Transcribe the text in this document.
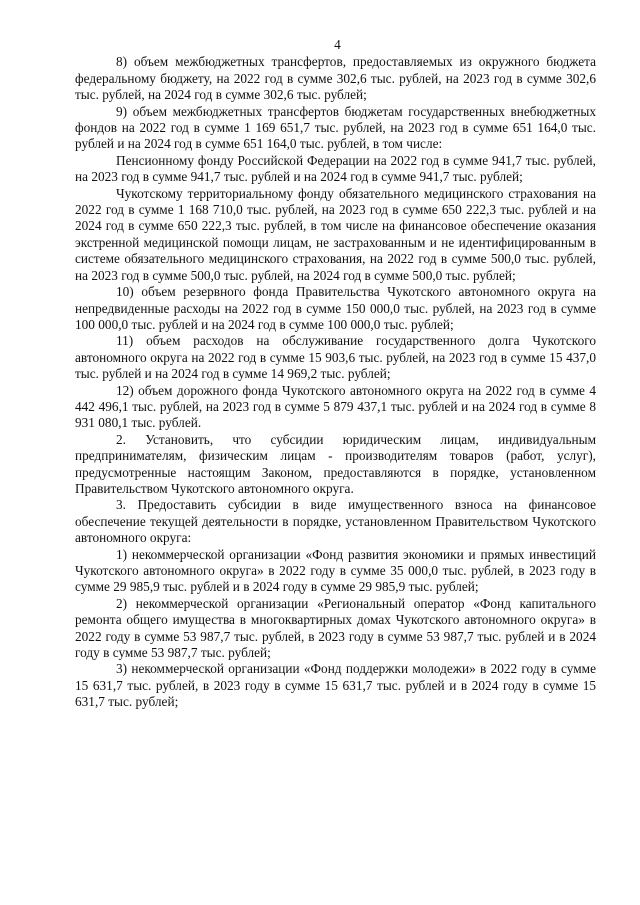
4

8) объем межбюджетных трансфертов, предоставляемых из окружного бюджета федеральному бюджету, на 2022 год в сумме 302,6 тыс. рублей, на 2023 год в сумме 302,6 тыс. рублей, на 2024 год в сумме 302,6 тыс. рублей;

9) объем межбюджетных трансфертов бюджетам государственных внебюджетных фондов на 2022 год в сумме 1 169 651,7 тыс. рублей, на 2023 год в сумме 651 164,0 тыс. рублей и на 2024 год в сумме 651 164,0 тыс. рублей, в том числе:

Пенсионному фонду Российской Федерации на 2022 год в сумме 941,7 тыс. рублей, на 2023 год в сумме 941,7 тыс. рублей и на 2024 год в сумме 941,7 тыс. рублей;

Чукотскому территориальному фонду обязательного медицинского страхования на 2022 год в сумме 1 168 710,0 тыс. рублей, на 2023 год в сумме 650 222,3 тыс. рублей и на 2024 год в сумме 650 222,3 тыс. рублей, в том числе на финансовое обеспечение оказания экстренной медицинской помощи лицам, не застрахованным и не идентифицированным в системе обязательного медицинского страхования, на 2022 год в сумме 500,0 тыс. рублей, на 2023 год в сумме 500,0 тыс. рублей, на 2024 год в сумме 500,0 тыс. рублей;

10) объем резервного фонда Правительства Чукотского автономного округа на непредвиденные расходы на 2022 год в сумме 150 000,0 тыс. рублей, на 2023 год в сумме 100 000,0 тыс. рублей и на 2024 год в сумме 100 000,0 тыс. рублей;

11) объем расходов на обслуживание государственного долга Чукотского автономного округа на 2022 год в сумме 15 903,6 тыс. рублей, на 2023 год в сумме 15 437,0 тыс. рублей и на 2024 год в сумме 14 969,2 тыс. рублей;

12) объем дорожного фонда Чукотского автономного округа на 2022 год в сумме 4 442 496,1 тыс. рублей, на 2023 год в сумме 5 879 437,1 тыс. рублей и на 2024 год в сумме 8 931 080,1 тыс. рублей.

2. Установить, что субсидии юридическим лицам, индивидуальным предпринимателям, физическим лицам - производителям товаров (работ, услуг), предусмотренные настоящим Законом, предоставляются в порядке, установленном Правительством Чукотского автономного округа.

3. Предоставить субсидии в виде имущественного взноса на финансовое обеспечение текущей деятельности в порядке, установленном Правительством Чукотского автономного округа:

1) некоммерческой организации «Фонд развития экономики и прямых инвестиций Чукотского автономного округа» в 2022 году в сумме 35 000,0 тыс. рублей, в 2023 году в сумме 29 985,9 тыс. рублей и в 2024 году в сумме 29 985,9 тыс. рублей;

2) некоммерческой организации «Региональный оператор «Фонд капитального ремонта общего имущества в многоквартирных домах Чукотского автономного округа» в 2022 году в сумме 53 987,7 тыс. рублей, в 2023 году в сумме 53 987,7 тыс. рублей и в 2024 году в сумме 53 987,7 тыс. рублей;

3) некоммерческой организации «Фонд поддержки молодежи» в 2022 году в сумме 15 631,7 тыс. рублей, в 2023 году в сумме 15 631,7 тыс. рублей и в 2024 году в сумме 15 631,7 тыс. рублей;
